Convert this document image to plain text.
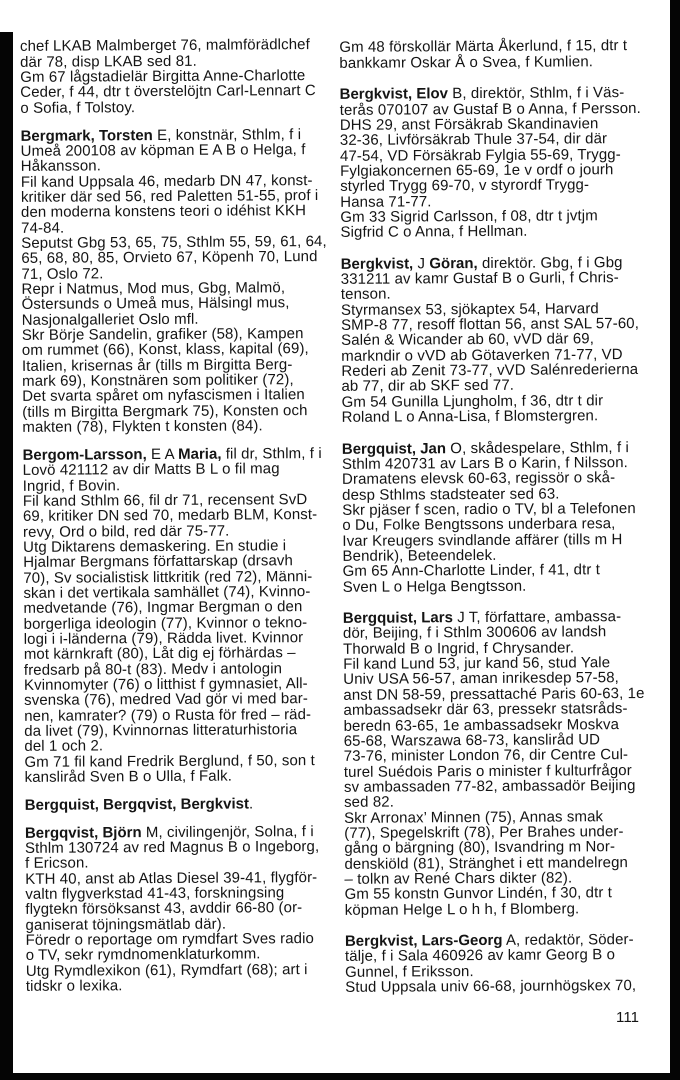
chef LKAB Malmberget 76, malmförädlchef
där 78, disp LKAB sed 81.
Gm 67 lågstadielär Birgitta Anne-Charlotte
Ceder, f 44, dtr t överstelöjtn Carl-Lennart C
o Sofia, f Tolstoy.
Bergmark, Torsten E, konstnär, Sthlm, f i
Umeå 200108 av köpman E A B o Helga, f
Håkansson.
Fil kand Uppsala 46, medarb DN 47, konst-
kritiker där sed 56, red Paletten 51-55, prof i
den moderna konstens teori o idéhist KKH
74-84.
Seputst Gbg 53, 65, 75, Sthlm 55, 59, 61, 64,
65, 68, 80, 85, Orvieto 67, Köpenh 70, Lund
71, Oslo 72.
Repr i Natmus, Mod mus, Gbg, Malmö,
Östersunds o Umeå mus, Hälsingl mus,
Nasjonalgalleriet Oslo mfl.
Skr Börje Sandelin, grafiker (58), Kampen
om rummet (66), Konst, klass, kapital (69),
Italien, krisernas år (tills m Birgitta Berg-
mark 69), Konstnären som politiker (72),
Det svarta spåret om nyfascismen i Italien
(tills m Birgitta Bergmark 75), Konsten och
makten (78), Flykten t konsten (84).
Bergom-Larsson, E A Maria, fil dr, Sthlm, f i
Lovö 421112 av dir Matts B L o fil mag
Ingrid, f Bovin.
Fil kand Sthlm 66, fil dr 71, recensent SvD
69, kritiker DN sed 70, medarb BLM, Konst-
revy, Ord o bild, red där 75-77.
Utg Diktarens demaskering. En studie i
Hjalmar Bergmans författarskap (drsavh
70), Sv socialistisk littkritik (red 72), Männi-
skan i det vertikala samhället (74), Kvinno-
medvetande (76), Ingmar Bergman o den
borgerliga ideologin (77), Kvinnor o tekno-
logi i i-länderna (79), Rädda livet. Kvinnor
mot kärnkraft (80), Låt dig ej förhärdas –
fredsarb på 80-t (83). Medv i antologin
Kvinnomyter (76) o litthist f gymnasiet, All-
svenska (76), medred Vad gör vi med bar-
nen, kamrater? (79) o Rusta för fred – räd-
da livet (79), Kvinnornas litteraturhistoria
del 1 och 2.
Gm 71 fil kand Fredrik Berglund, f 50, son t
kansliråd Sven B o Ulla, f Falk.
Bergquist, Bergqvist, Bergkvist.
Bergqvist, Björn M, civilingenjör, Solna, f i
Sthlm 130724 av red Magnus B o Ingeborg,
f Ericson.
KTH 40, anst ab Atlas Diesel 39-41, flygför-
valtn flygverkstad 41-43, forskningsing
flygtekn försöksanst 43, avddir 66-80 (or-
ganiserat töjningsmätlab där).
Föredr o reportage om rymdfart Sves radio
o TV, sekr rymdnomenklaturkomm.
Utg Rymdlexikon (61), Rymdfart (68); art i
tidskr o lexika.
Gm 48 förskollär Märta Åkerlund, f 15, dtr t
bankkamr Oskar Å o Svea, f Kumlien.
Bergkvist, Elov B, direktör, Sthlm, f i Väs-
terås 070107 av Gustaf B o Anna, f Persson.
DHS 29, anst Försäkrab Skandinavien
32-36, Livförsäkrab Thule 37-54, dir där
47-54, VD Försäkrab Fylgia 55-69, Trygg-
Fylgiakoncernen 65-69, 1e v ordf o jourh
styrled Trygg 69-70, v styrordf Trygg-
Hansa 71-77.
Gm 33 Sigrid Carlsson, f 08, dtr t jvtjm
Sigfrid C o Anna, f Hellman.
Bergkvist, J Göran, direktör. Gbg, f i Gbg
331211 av kamr Gustaf B o Gurli, f Chris-
tenson.
Styrmansex 53, sjökaptex 54, Harvard
SMP-8 77, resoff flottan 56, anst SAL 57-60,
Salén & Wicander ab 60, vVD där 69,
markndir o vVD ab Götaverken 71-77, VD
Rederi ab Zenit 73-77, vVD Salénrederierna
ab 77, dir ab SKF sed 77.
Gm 54 Gunilla Ljungholm, f 36, dtr t dir
Roland L o Anna-Lisa, f Blomstergren.
Bergquist, Jan O, skådespelare, Sthlm, f i
Sthlm 420731 av Lars B o Karin, f Nilsson.
Dramatens elevsk 60-63, regissör o skå-
desp Sthlms stadsteater sed 63.
Skr pjäser f scen, radio o TV, bl a Telefonen
o Du, Folke Bengtssons underbara resa,
Ivar Kreugers svindlande affärer (tills m H
Bendrik), Beteendelek.
Gm 65 Ann-Charlotte Linder, f 41, dtr t
Sven L o Helga Bengtsson.
Bergquist, Lars J T, författare, ambassa-
dör, Beijing, f i Sthlm 300606 av landsh
Thorwald B o Ingrid, f Chrysander.
Fil kand Lund 53, jur kand 56, stud Yale
Univ USA 56-57, aman inrikesdep 57-58,
anst DN 58-59, pressattaché Paris 60-63, 1e
ambassadsekr där 63, pressekr statsråds-
beredn 63-65, 1e ambassadsekr Moskva
65-68, Warszawa 68-73, kansliråd UD
73-76, minister London 76, dir Centre Cul-
turel Suédois Paris o minister f kulturfrågor
sv ambassaden 77-82, ambassadör Beijing
sed 82.
Skr Arronax’ Minnen (75), Annas smak
(77), Spegelskrift (78), Per Brahes under-
gång o bärgning (80), Isvandring m Nor-
denskiöld (81), Stränghet i ett mandelregn
– tolkn av René Chars dikter (82).
Gm 55 konstn Gunvor Lindén, f 30, dtr t
köpman Helge L o h h, f Blomberg.
Bergkvist, Lars-Georg A, redaktör, Söder-
tälje, f i Sala 460926 av kamr Georg B o
Gunnel, f Eriksson.
Stud Uppsala univ 66-68, journhögskex 70,
111
